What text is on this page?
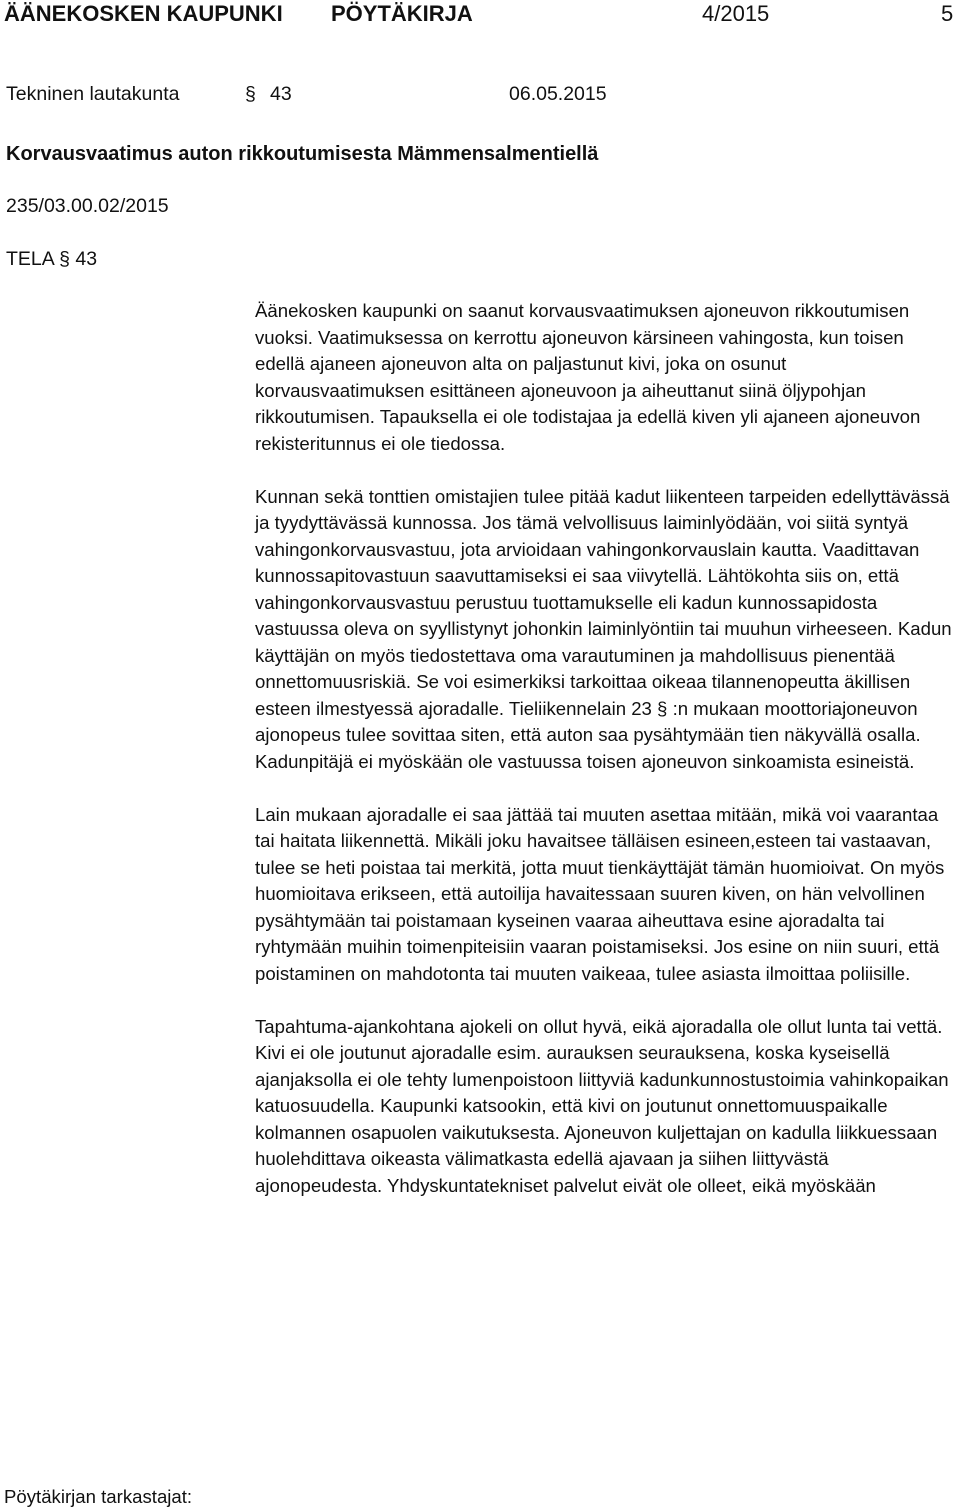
ÄÄNEKOSKEN KAUPUNKI PÖYTÄKIRJA	4/2015	5
Tekninen lautakunta	§ 43	06.05.2015
Korvausvaatimus auton rikkoutumisesta Mämmensalmentiellä
235/03.00.02/2015
TELA § 43

Äänekosken kaupunki on saanut korvausvaatimuksen ajoneuvon rikkoutumisen vuoksi. Vaatimuksessa on kerrottu ajoneuvon kärsineen vahingosta, kun toisen edellä ajaneen ajoneuvon alta on paljastunut kivi, joka on osunut korvausvaatimuksen esittäneen ajoneuvoon ja aiheuttanut siinä öljypohjan rikkoutumisen. Tapauksella ei ole todistajaa ja edellä kiven yli ajaneen ajoneuvon rekisteritunnus ei ole tiedossa.

Kunnan sekä tonttien omistajien tulee pitää kadut liikenteen tarpeiden edellyttävässä ja tyydyttävässä kunnossa. Jos tämä velvollisuus laiminlyödään, voi siitä syntyä vahingonkorvausvastuu, jota arvioidaan vahingonkorvauslain kautta. Vaadittavan kunnossapitovastuun saavuttamiseksi ei saa viivytellä. Lähtökohta siis on, että vahingonkorvausvastuu perustuu tuottamukselle eli kadun kunnossapidosta vastuussa oleva on syyllistynyt johonkin laiminlyöntiin tai muuhun virheeseen. Kadun käyttäjän on myös tiedostettava oma varautuminen ja mahdollisuus pienentää onnettomuusriskiä. Se voi esimerkiksi tarkoittaa oikeaa tilannenopeutta äkillisen esteen ilmestyessä ajoradalle. Tieliikennelain 23 § :n mukaan moottoriajoneuvon ajonopeus tulee sovittaa siten, että auton saa pysähtymään tien näkyvällä osalla. Kadunpitäjä ei myöskään ole vastuussa toisen ajoneuvon sinkoamista esineistä.

Lain mukaan ajoradalle ei saa jättää tai muuten asettaa mitään, mikä voi vaarantaa tai haitata liikennettä. Mikäli joku havaitsee tälläisen esineen,esteen tai vastaavan, tulee se heti poistaa tai merkitä, jotta muut tienkäyttäjät tämän huomioivat. On myös huomioitava erikseen, että autoilija havaitessaan suuren kiven, on hän velvollinen pysähtymään tai poistamaan kyseinen vaaraa aiheuttava esine ajoradalta tai ryhtymään muihin toimenpiteisiin vaaran poistamiseksi. Jos esine on niin suuri, että poistaminen on mahdotonta tai muuten vaikeaa, tulee asiasta ilmoittaa poliisille.

Tapahtuma-ajankohtana ajokeli on ollut hyvä, eikä ajoradalla ole ollut lunta tai vettä. Kivi ei ole joutunut ajoradalle esim. aurauksen seurauksena, koska kyseisellä ajanjaksolla ei ole tehty lumenpoistoon liittyviä kadunkunnostustoimia vahinkopaikan katuosuudella. Kaupunki katsookin, että kivi on joutunut onnettomuuspaikalle kolmannen osapuolen vaikutuksesta. Ajoneuvon kuljettajan on kadulla liikkuessaan huolehdittava oikeasta välimatkasta edellä ajavaan ja siihen liittyvästä ajonopeudesta. Yhdyskuntatekniset palvelut eivät ole olleet, eikä myöskään

Pöytäkirjan tarkastajat:
